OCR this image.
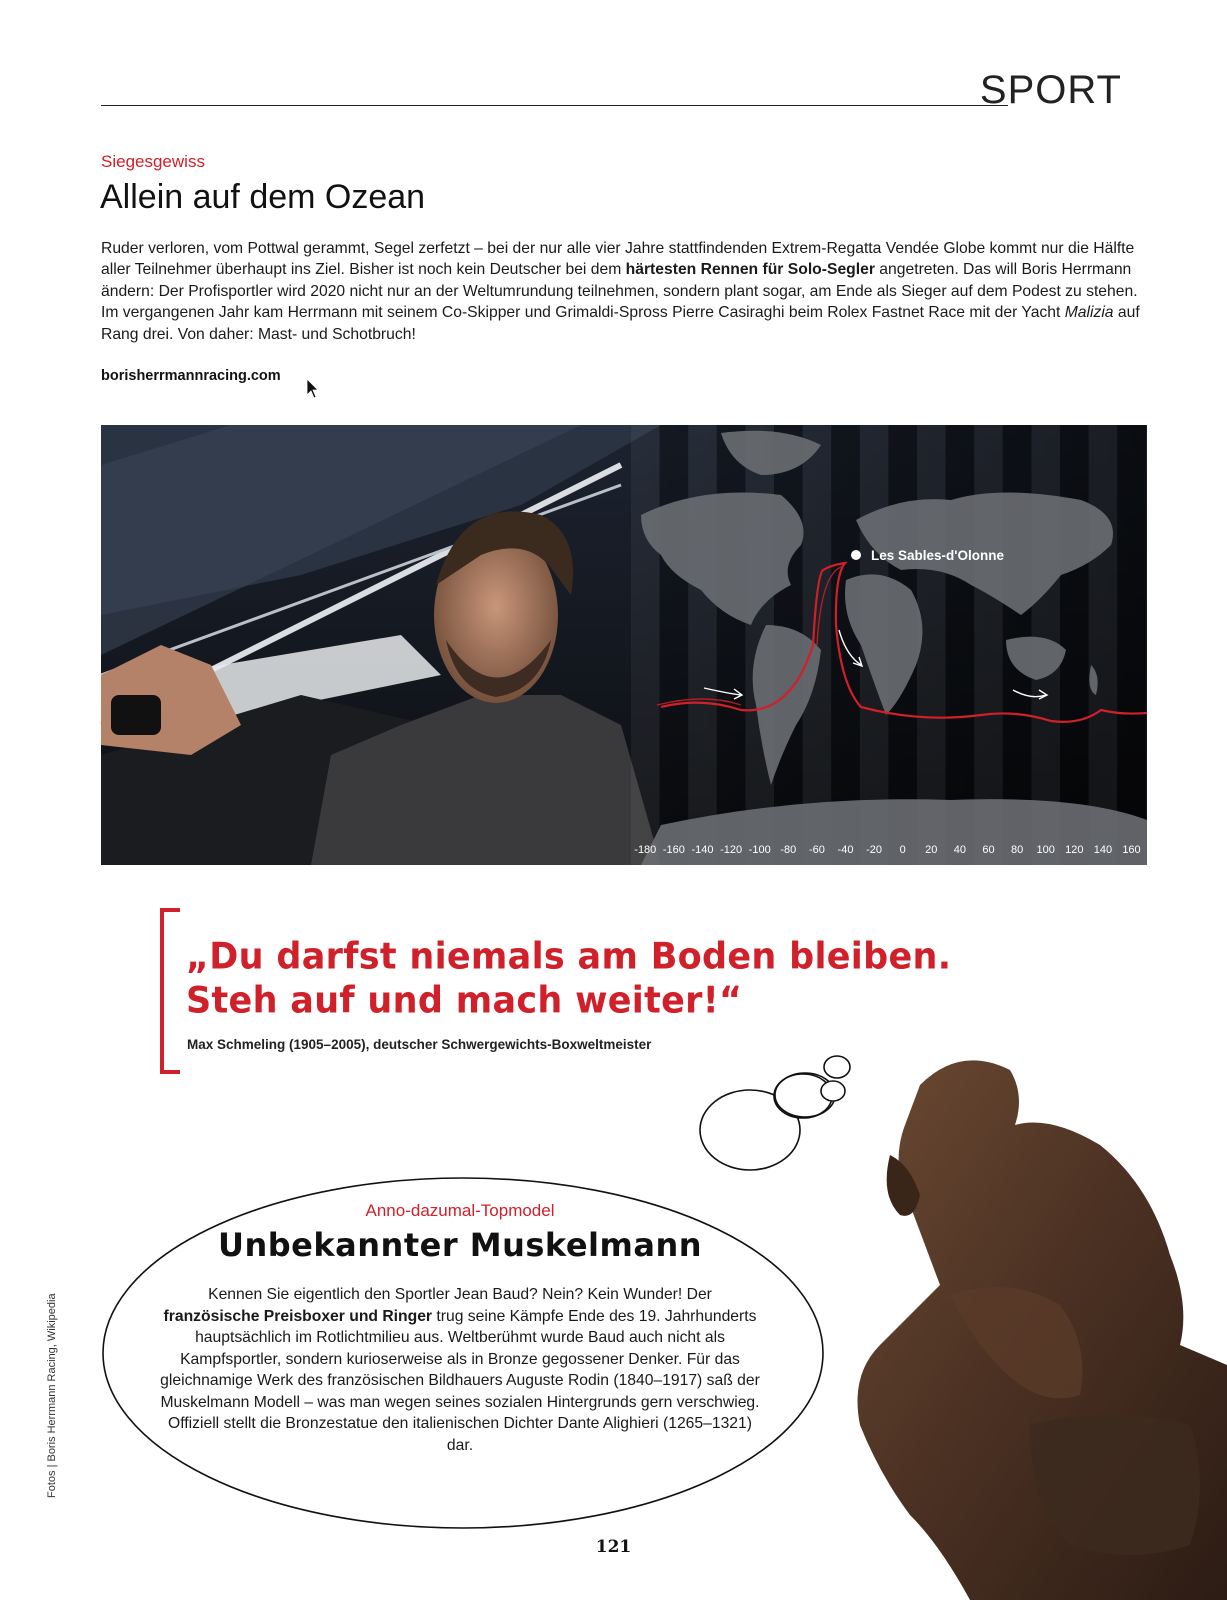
SPORT
Siegesgewiss
Allein auf dem Ozean
Ruder verloren, vom Pottwal gerammt, Segel zerfetzt – bei der nur alle vier Jahre stattfindenden Extrem-Regatta Vendée Globe kommt nur die Hälfte aller Teilnehmer überhaupt ins Ziel. Bisher ist noch kein Deutscher bei dem härtesten Rennen für Solo-Segler angetreten. Das will Boris Herrmann ändern: Der Profisportler wird 2020 nicht nur an der Weltumrundung teilnehmen, sondern plant sogar, am Ende als Sieger auf dem Podest zu stehen. Im vergangenen Jahr kam Herrmann mit seinem Co-Skipper und Grimaldi-Spross Pierre Casiraghi beim Rolex Fastnet Race mit der Yacht Malizia auf Rang drei. Von daher: Mast- und Schotbruch!
borisherrmannracing.com
Les Sables-d'Olonne
-180 -160 -140 -120 -100 -80 -60 -40 -20 0 20 40 60 80 100 120 140 160 180
„Du darfst niemals am Boden bleiben.
Steh auf und mach weiter!“
Max Schmeling (1905–2005), deutscher Schwergewichts-Boxweltmeister
Anno-dazumal-Topmodel
Unbekannter Muskelmann
Kennen Sie eigentlich den Sportler Jean Baud? Nein? Kein Wunder! Der französische Preisboxer und Ringer trug seine Kämpfe Ende des 19. Jahrhunderts hauptsächlich im Rotlichtmilieu aus. Weltberühmt wurde Baud auch nicht als Kampfsportler, sondern kurioserweise als in Bronze gegossener Denker. Für das gleichnamige Werk des französischen Bildhauers Auguste Rodin (1840–1917) saß der Muskelmann Modell – was man wegen seines sozialen Hintergrunds gern verschwieg. Offiziell stellt die Bronzestatue den italienischen Dichter Dante Alighieri (1265–1321) dar.
Fotos | Boris Herrmann Racing, Wikipedia
121
